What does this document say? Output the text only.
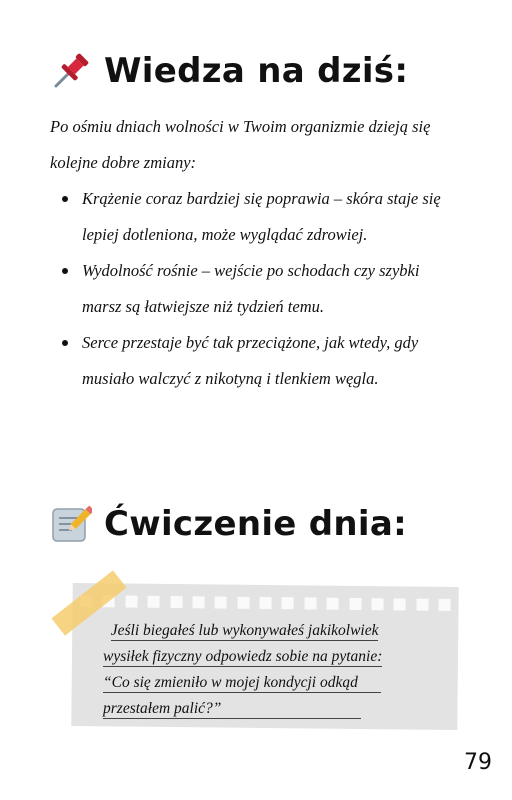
Wiedza na dziś:
Po ośmiu dniach wolności w Twoim organizmie dzieją się kolejne dobre zmiany:
Krążenie coraz bardziej się poprawia – skóra staje się lepiej dotleniona, może wyglądać zdrowiej.
Wydolność rośnie – wejście po schodach czy szybki marsz są łatwiejsze niż tydzień temu.
Serce przestaje być tak przeciążone, jak wtedy, gdy musiało walczyć z nikotyną i tlenkiem węgla.
Ćwiczenie dnia:
Jeśli biegałeś lub wykonywałeś jakikolwiek
wysiłek fizyczny odpowiedz sobie na pytanie:
“Co się zmieniło w mojej kondycji odkąd
przestałem palić?”
79
